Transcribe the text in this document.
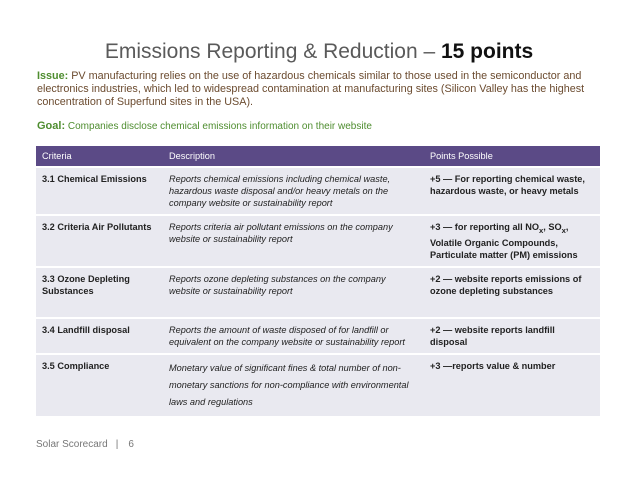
Emissions Reporting & Reduction – 15 points
Issue: PV manufacturing relies on the use of hazardous chemicals similar to those used in the semiconductor and electronics industries, which led to widespread contamination at manufacturing sites (Silicon Valley has the highest concentration of Superfund sites in the USA).
Goal: Companies disclose chemical emissions information on their website
Criteria	Description	Points Possible
3.1 Chemical Emissions	Reports chemical emissions including chemical waste, hazardous waste disposal and/or heavy metals on the company website or sustainability report	+5 — For reporting chemical waste, hazardous waste, or heavy metals
3.2 Criteria Air Pollutants	Reports criteria air pollutant emissions on the company website or sustainability report	+3 — for reporting all $NO_x$, $SO_x$, Volatile Organic Compounds, Particulate matter (PM) emissions
3.3 Ozone Depleting Substances	Reports ozone depleting substances on the company website or sustainability report	+2 — website reports emissions of ozone depleting substances
3.4 Landfill disposal	Reports the amount of waste disposed of for landfill or equivalent on the company website or sustainability report	+2 — website reports landfill disposal
3.5 Compliance	Monetary value of significant fines & total number of non-monetary sanctions for non-compliance with environmental laws and regulations	+3 —reports value & number
Solar Scorecard | 6
